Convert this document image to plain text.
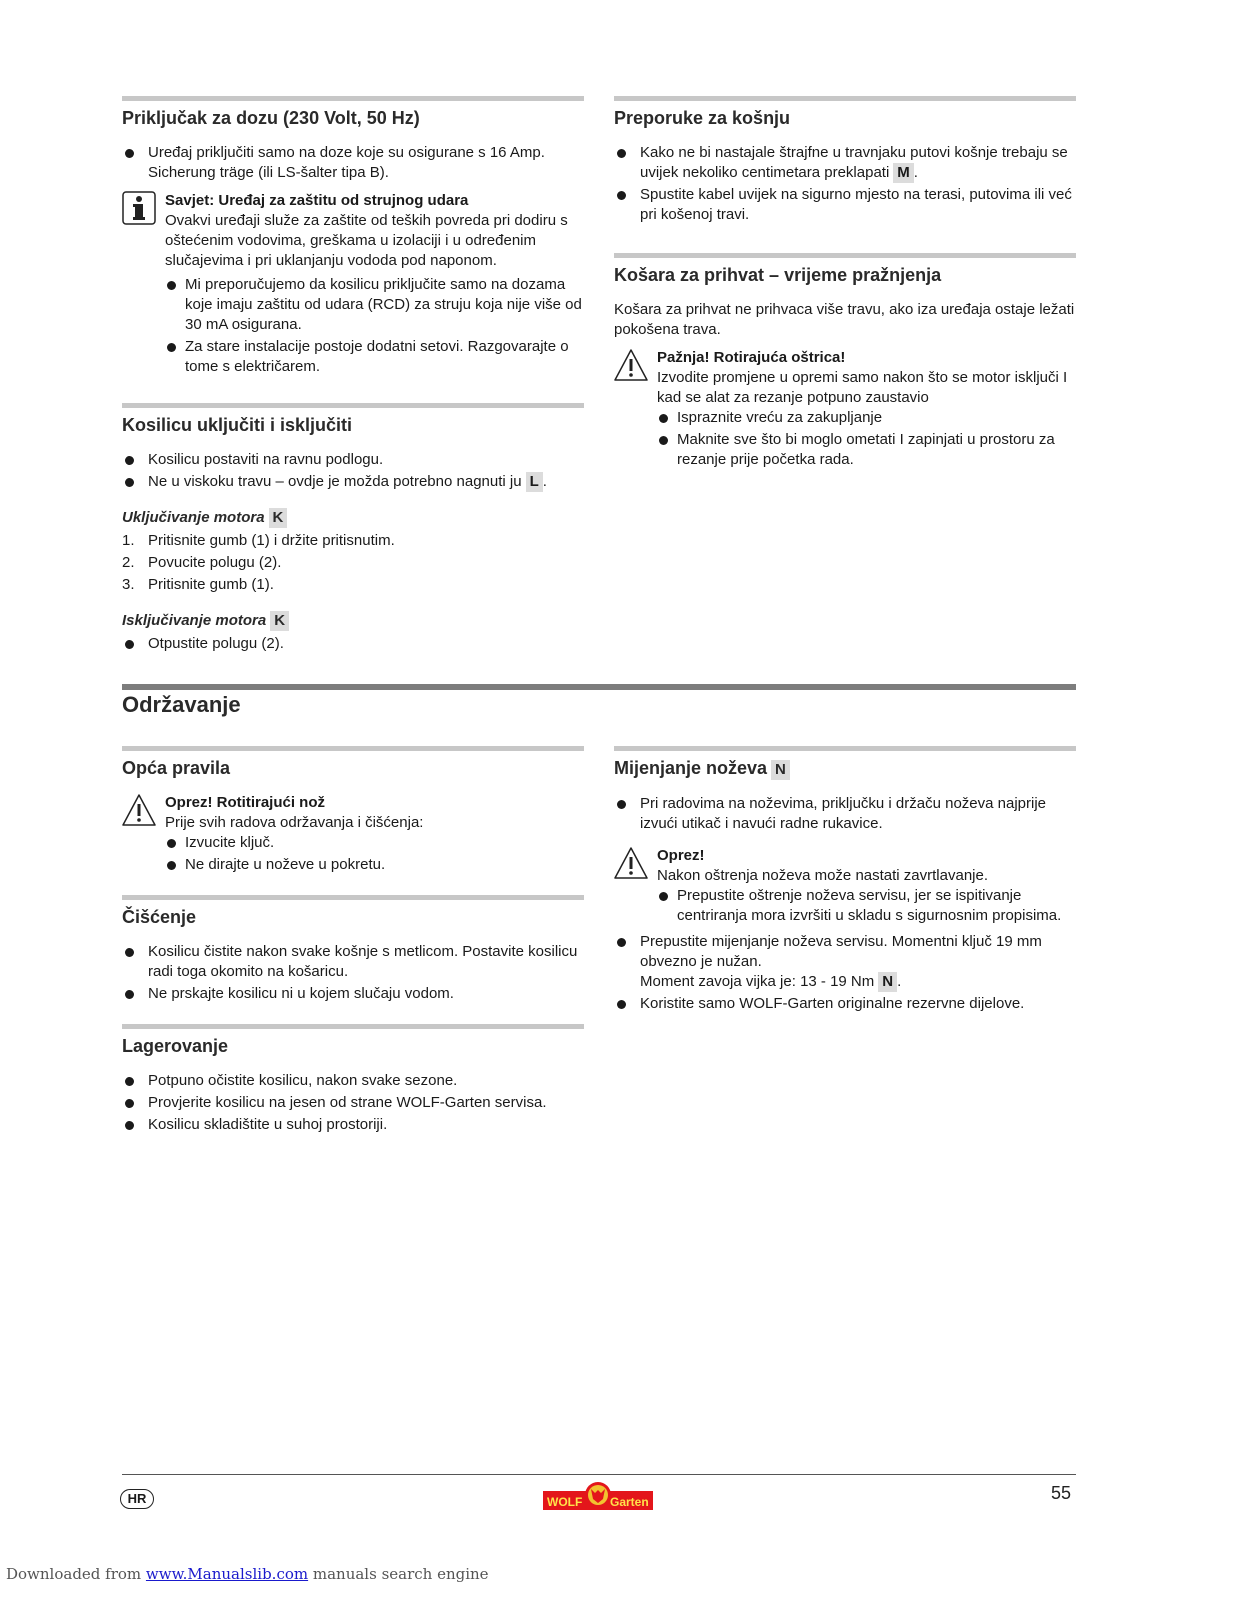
Priključak za dozu (230 Volt, 50 Hz)
Uređaj priključiti samo na doze koje su osigurane s 16 Amp. Sicherung träge (ili LS-šalter tipa B).
Savjet: Uređaj za zaštitu od strujnog udara
Ovakvi uređaji služe za zaštite od teških povreda pri dodiru s oštećenim vodovima, greškama u izolaciji i u određenim slučajevima i pri uklanjanju vododa pod naponom.
Mi preporučujemo da kosilicu priključite samo na dozama koje imaju zaštitu od udara (RCD) za struju koja nije više od 30 mA osigurana.
Za stare instalacije postoje dodatni setovi. Razgovarajte o tome s električarem.
Kosilicu uključiti i isključiti
Kosilicu postaviti na ravnu podlogu.
Ne u viskoku travu – ovdje je možda potrebno nagnuti ju L .
Uključivanje motora K
1. Pritisnite gumb (1) i držite pritisnutim.
2. Povucite polugu (2).
3. Pritisnite gumb (1).
Isključivanje motora K
Otpustite polugu (2).
Preporuke za košnju
Kako ne bi nastajale štrajfne u travnjaku putovi košnje trebaju se uvijek nekoliko centimetara preklapati M .
Spustite kabel uvijek na sigurno mjesto na terasi, putovima ili već pri košenoj travi.
Košara za prihvat – vrijeme pražnjenja
Košara za prihvat ne prihvaca više travu, ako iza uređaja ostaje ležati pokošena trava.
Pažnja! Rotirajuća oštrica!
Izvodite promjene u opremi samo nakon što se motor isključi I kad se alat za rezanje potpuno zaustavio
Ispraznite vreću za zakupljanje
Maknite sve što bi moglo ometati I zapinjati u prostoru za rezanje prije početka rada.
Održavanje
Opća pravila
Oprez! Rotitirajući nož
Prije svih radova održavanja i čišćenja:
Izvucite ključ.
Ne dirajte u noževe u pokretu.
Čišćenje
Kosilicu čistite nakon svake košnje s metlicom. Postavite kosilicu radi toga okomito na košaricu.
Ne prskajte kosilicu ni u kojem slučaju vodom.
Lagerovanje
Potpuno očistite kosilicu, nakon svake sezone.
Provjerite kosilicu na jesen od strane WOLF-Garten servisa.
Kosilicu skladištite u suhoj prostoriji.
Mijenjanje noževa N
Pri radovima na noževima, priključku i držaču noževa najprije izvući utikač i navući radne rukavice.
Oprez!
Nakon oštrenja noževa može nastati zavrtlavanje.
Prepustite oštrenje noževa servisu, jer se ispitivanje centriranja mora izvršiti u skladu s sigurnosnim propisima.
Prepustite mijenjanje noževa servisu. Momentni ključ 19 mm obvezno je nužan.
Moment zavoja vijka je: 13 - 19 Nm N .
Koristite samo WOLF-Garten originalne rezervne dijelove.
HR	WOLF Garten	55
Downloaded from www.Manualslib.com manuals search engine
